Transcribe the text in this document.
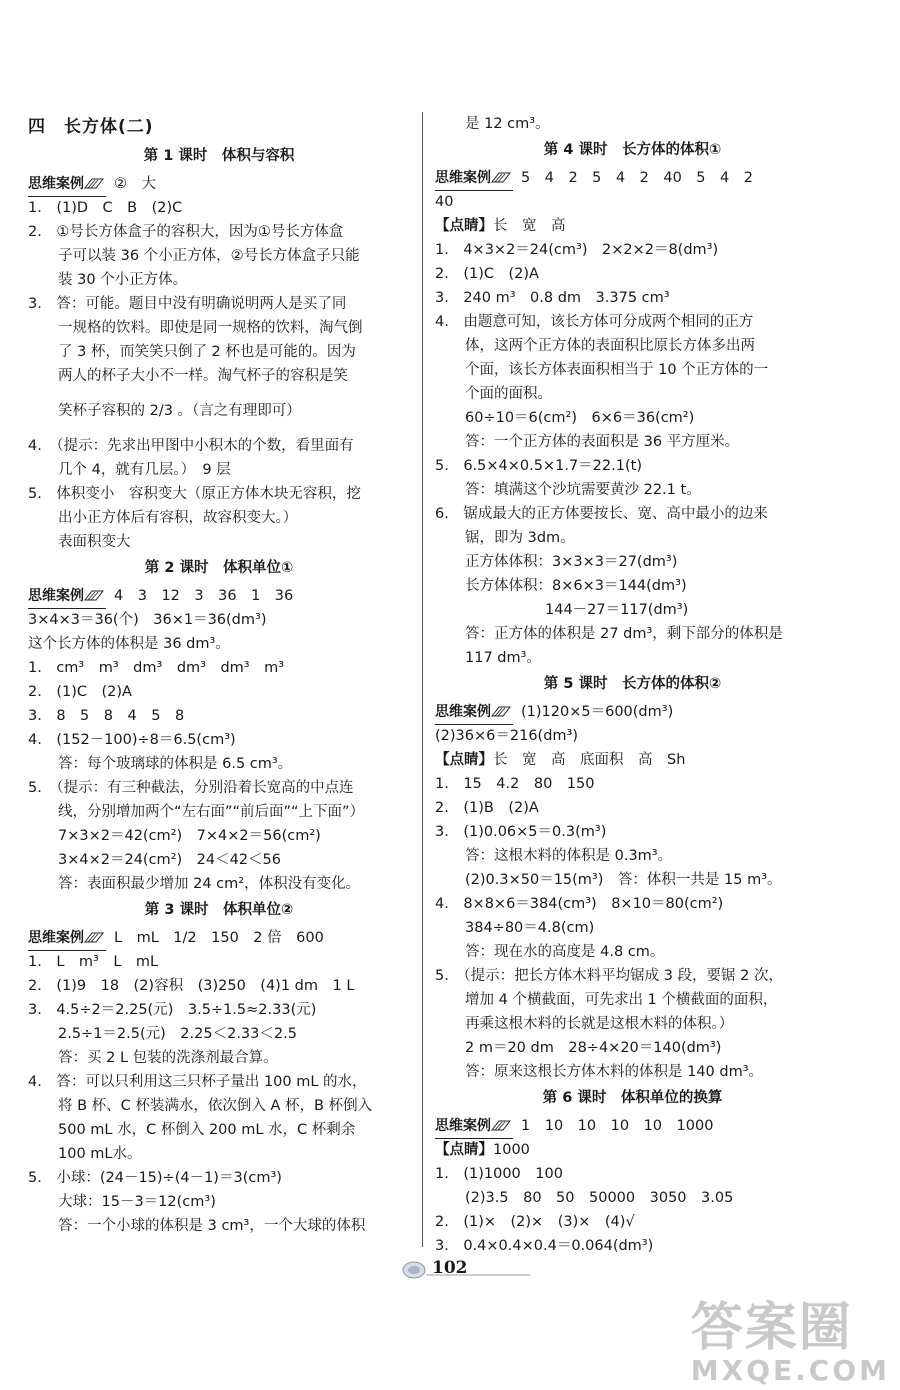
四　长方体(二)
第 1 课时　体积与容积
思维案例 ②　大
1.　(1)D　C　B　(2)C
2.　①号长方体盒子的容积大，因为①号长方体盒
子可以装 36 个小正方体，②号长方体盒子只能
装 30 个小正方体。
3.　答：可能。题目中没有明确说明两人是买了同
一规格的饮料。即使是同一规格的饮料，淘气倒
了 3 杯，而笑笑只倒了 2 杯也是可能的。因为
两人的杯子大小不一样。淘气杯子的容积是笑
笑杯子容积的 2/3 。（言之有理即可）
4.　（提示：先求出甲图中小积木的个数，看里面有
几个 4，就有几层。）　9 层
5.　体积变小　容积变大（原正方体木块无容积，挖
出小正方体后有容积，故容积变大。）
表面积变大
第 2 课时　体积单位①
思维案例 4　3　12　3　36　1　36
3×4×3＝36(个)　36×1＝36(dm³)
这个长方体的体积是 36 dm³。
1.　cm³　m³　dm³　dm³　dm³　m³
2.　(1)C　(2)A
3.　8　5　8　4　5　8
4.　(152－100)÷8＝6.5(cm³)
答：每个玻璃球的体积是 6.5 cm³。
5.　（提示：有三种截法，分别沿着长宽高的中点连
线，分别增加两个“左右面”“前后面”“上下面”）
7×3×2＝42(cm²)　7×4×2＝56(cm²)
3×4×2＝24(cm²)　24＜42＜56
答：表面积最少增加 24 cm²，体积没有变化。
第 3 课时　体积单位②
思维案例 L　mL　1/2　150　2 倍　600
1.　L　m³　L　mL
2.　(1)9　18　(2)容积　(3)250　(4)1 dm　1 L
3.　4.5÷2＝2.25(元)　3.5÷1.5≈2.33(元)
2.5÷1＝2.5(元)　2.25＜2.33＜2.5
答：买 2 L 包装的洗涤剂最合算。
4.　答：可以只利用这三只杯子量出 100 mL 的水，
将 B 杯、C 杯装满水，依次倒入 A 杯，B 杯倒入
500 mL 水，C 杯倒入 200 mL 水，C 杯剩余
100 mL水。
5.　小球：(24－15)÷(4－1)＝3(cm³)
大球：15－3＝12(cm³)
答：一个小球的体积是 3 cm³，一个大球的体积
是 12 cm³。
第 4 课时　长方体的体积①
思维案例 5　4　2　5　4　2　40　5　4　2
40
【点睛】长　宽　高
1.　4×3×2＝24(cm³)　2×2×2＝8(dm³)
2.　(1)C　(2)A
3.　240 m³　0.8 dm　3.375 cm³
4.　由题意可知，该长方体可分成两个相同的正方
体，这两个正方体的表面积比原长方体多出两
个面，该长方体表面积相当于 10 个正方体的一
个面的面积。
60÷10＝6(cm²)　6×6＝36(cm²)
答：一个正方体的表面积是 36 平方厘米。
5.　6.5×4×0.5×1.7＝22.1(t)
答：填满这个沙坑需要黄沙 22.1 t。
6.　锯成最大的正方体要按长、宽、高中最小的边来
锯，即为 3dm。
正方体体积：3×3×3＝27(dm³)
长方体体积：8×6×3＝144(dm³)
144－27＝117(dm³)
答：正方体的体积是 27 dm³，剩下部分的体积是
117 dm³。
第 5 课时　长方体的体积②
思维案例 (1)120×5＝600(dm³)
(2)36×6＝216(dm³)
【点睛】长　宽　高　底面积　高　Sh
1.　15　4.2　80　150
2.　(1)B　(2)A
3.　(1)0.06×5＝0.3(m³)
答：这根木料的体积是 0.3m³。
(2)0.3×50＝15(m³)　答：体积一共是 15 m³。
4.　8×8×6＝384(cm³)　8×10＝80(cm²)
384÷80＝4.8(cm)
答：现在水的高度是 4.8 cm。
5.　（提示：把长方体木料平均锯成 3 段，要锯 2 次，
增加 4 个横截面，可先求出 1 个横截面的面积，
再乘这根木料的长就是这根木料的体积。）
2 m＝20 dm　28÷4×20＝140(dm³)
答：原来这根长方体木料的体积是 140 dm³。
第 6 课时　体积单位的换算
思维案例 1　10　10　10　10　1000
【点睛】1000
1.　(1)1000　100
(2)3.5　80　50　50000　3050　3.05
2.　(1)×　(2)×　(3)×　(4)√
3.　0.4×0.4×0.4＝0.064(dm³)
102
答案圈
MXQE.COM
